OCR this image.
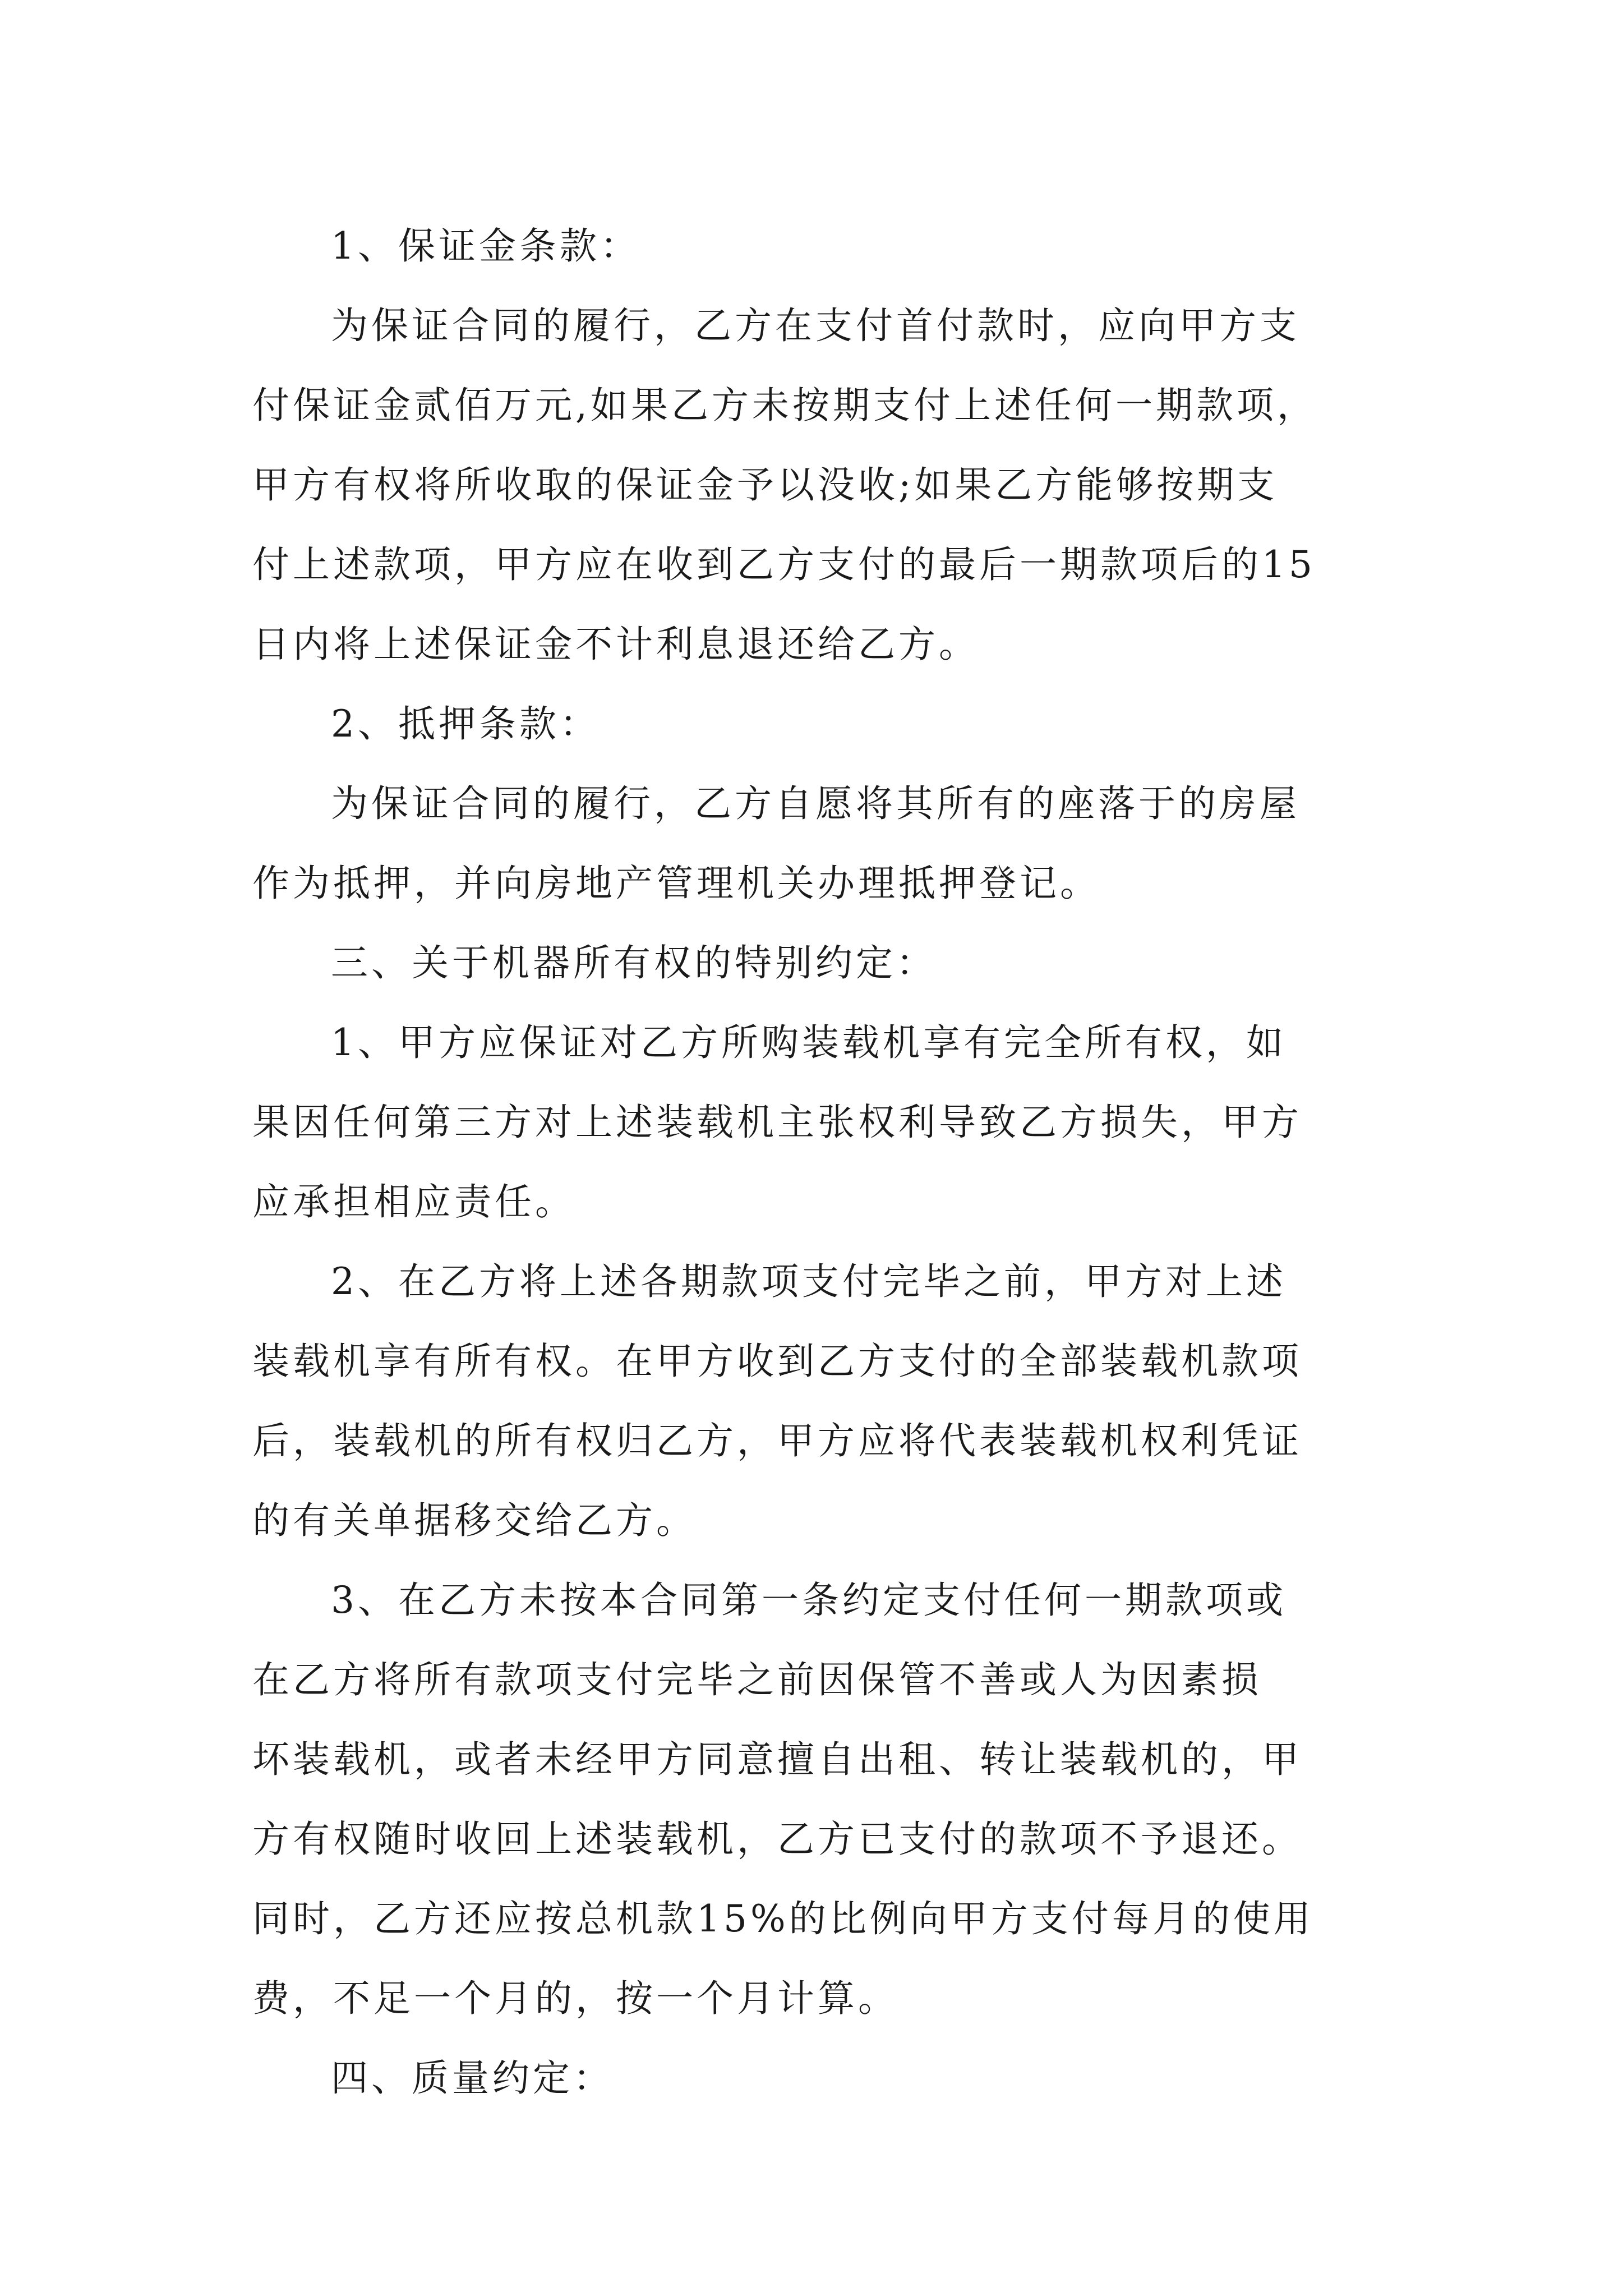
1、保证金条款：
为保证合同的履行，乙方在支付首付款时，应向甲方支
付保证金贰佰万元,如果乙方未按期支付上述任何一期款项，
甲方有权将所收取的保证金予以没收;如果乙方能够按期支
付上述款项，甲方应在收到乙方支付的最后一期款项后的15
日内将上述保证金不计利息退还给乙方。
2、抵押条款：
为保证合同的履行，乙方自愿将其所有的座落于的房屋
作为抵押，并向房地产管理机关办理抵押登记。
三、关于机器所有权的特别约定：
1、甲方应保证对乙方所购装载机享有完全所有权，如
果因任何第三方对上述装载机主张权利导致乙方损失，甲方
应承担相应责任。
2、在乙方将上述各期款项支付完毕之前，甲方对上述
装载机享有所有权。在甲方收到乙方支付的全部装载机款项
后，装载机的所有权归乙方，甲方应将代表装载机权利凭证
的有关单据移交给乙方。
3、在乙方未按本合同第一条约定支付任何一期款项或
在乙方将所有款项支付完毕之前因保管不善或人为因素损
坏装载机，或者未经甲方同意擅自出租、转让装载机的，甲
方有权随时收回上述装载机，乙方已支付的款项不予退还。
同时，乙方还应按总机款15%的比例向甲方支付每月的使用
费，不足一个月的，按一个月计算。
四、质量约定：
